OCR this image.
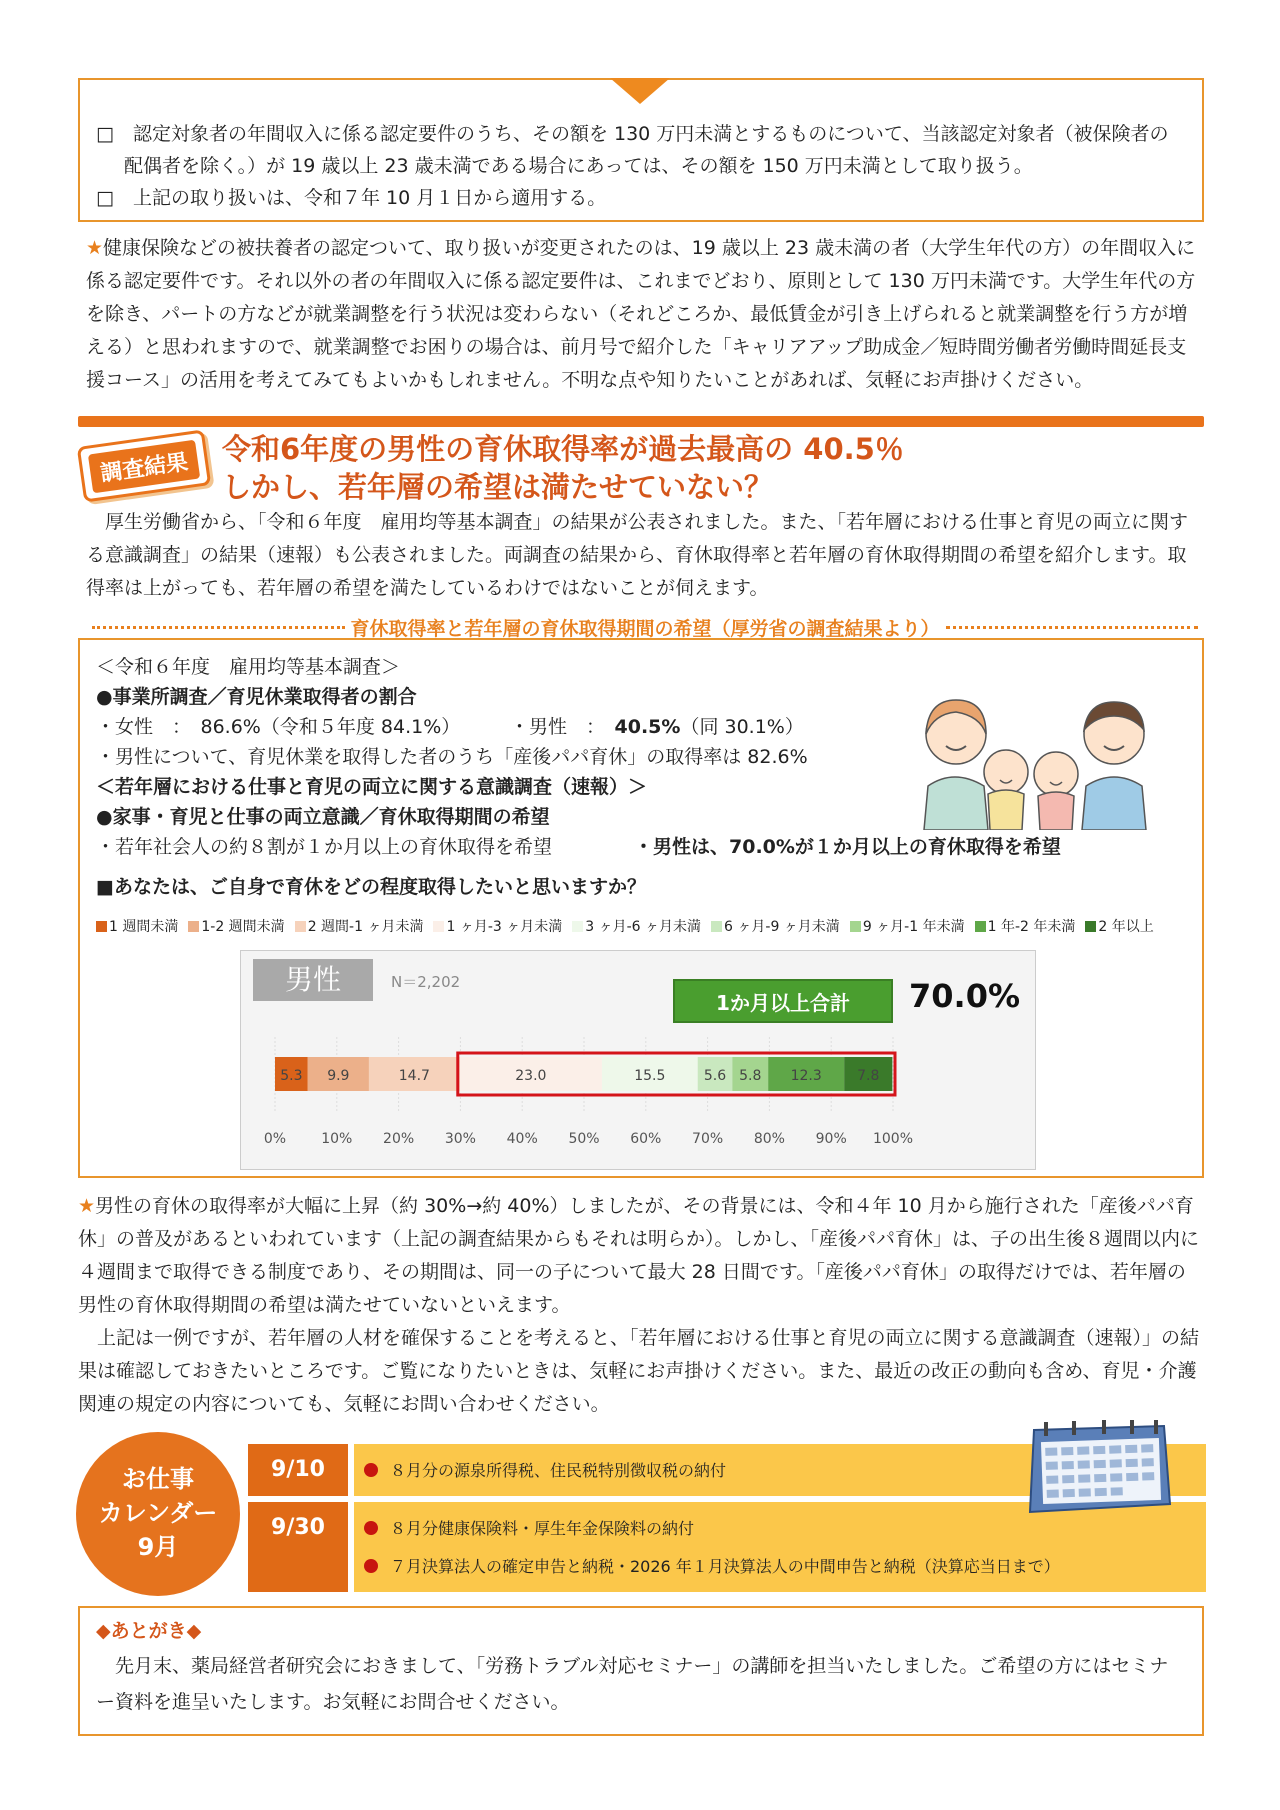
□　認定対象者の年間収入に係る認定要件のうち、その額を 130 万円未満とするものについて、当該認定対象者（被保険者の配偶者を除く。）が 19 歳以上 23 歳未満である場合にあっては、その額を 150 万円未満として取り扱う。

□　上記の取り扱いは、令和７年 10 月１日から適用する。

★健康保険などの被扶養者の認定ついて、取り扱いが変更されたのは、19 歳以上 23 歳未満の者（大学生年代の方）の年間収入に係る認定要件です。それ以外の者の年間収入に係る認定要件は、これまでどおり、原則として 130 万円未満です。大学生年代の方を除き、パートの方などが就業調整を行う状況は変わらない（それどころか、最低賃金が引き上げられると就業調整を行う方が増える）と思われますので、就業調整でお困りの場合は、前月号で紹介した「キャリアアップ助成金／短時間労働者労働時間延長支援コース」の活用を考えてみてもよいかもしれません。不明な点や知りたいことがあれば、気軽にお声掛けください。
調査結果
令和6年度の男性の育休取得率が過去最高の 40.5％
しかし、若年層の希望は満たせていない？
厚生労働省から、「令和６年度　雇用均等基本調査」の結果が公表されました。また、「若年層における仕事と育児の両立に関する意識調査」の結果（速報）も公表されました。両調査の結果から、育休取得率と若年層の育休取得期間の希望を紹介します。取得率は上がっても、若年層の希望を満たしているわけではないことが伺えます。
育休取得率と若年層の育休取得期間の希望（厚労省の調査結果より）
＜令和６年度　雇用均等基本調査＞
●事業所調査／育児休業取得者の割合
・女性　：　86.6%（令和５年度 84.1%）	・男性　：　40.5%（同 30.1%）
・男性について、育児休業を取得した者のうち「産後パパ育休」の取得率は 82.6%
＜若年層における仕事と育児の両立に関する意識調査（速報）＞
●家事・育児と仕事の両立意識／育休取得期間の希望
・若年社会人の約８割が１か月以上の育休取得を希望	・男性は、70.0%が１か月以上の育休取得を希望
■あなたは、ご自身で育休をどの程度取得したいと思いますか？
1 週間未満 1-2 週間未満 2 週間-1 ヶ月未満 1 ヶ月-3 ヶ月未満 3 ヶ月-6 ヶ月未満 6 ヶ月-9 ヶ月未満 9 ヶ月-1 年未満 1 年-2 年未満 2 年以上
男性	N＝2,202
1か月以上合計	70.0%
5.3 9.9	14.7	23.0	15.5	5.6 5.8 12.3	7.8
0%	10% 20% 30% 40% 50% 60% 70% 80% 90% 100%
★男性の育休の取得率が大幅に上昇（約 30%→約 40%）しましたが、その背景には、令和４年 10 月から施行された「産後パパ育休」の普及があるといわれています（上記の調査結果からもそれは明らか）。しかし、「産後パパ育休」は、子の出生後８週間以内に４週間まで取得できる制度であり、その期間は、同一の子について最大 28 日間です。「産後パパ育休」の取得だけでは、若年層の男性の育休取得期間の希望は満たせていないといえます。
上記は一例ですが、若年層の人材を確保することを考えると、「若年層における仕事と育児の両立に関する意識調査（速報）」の結果は確認しておきたいところです。ご覧になりたいときは、気軽にお声掛けください。また、最近の改正の動向も含め、育児・介護関連の規定の内容についても、気軽にお問い合わせください。
お仕事
カレンダー
9月
9/10	８月分の源泉所得税、住民税特別徴収税の納付
9/30	８月分健康保険料・厚生年金保険料の納付
７月決算法人の確定申告と納税・2026 年１月決算法人の中間申告と納税（決算応当日まで）
◆あとがき◆
先月末、薬局経営者研究会におきまして、「労務トラブル対応セミナー」の講師を担当いたしました。ご希望の方にはセミナー資料を進呈いたします。お気軽にお問合せください。
